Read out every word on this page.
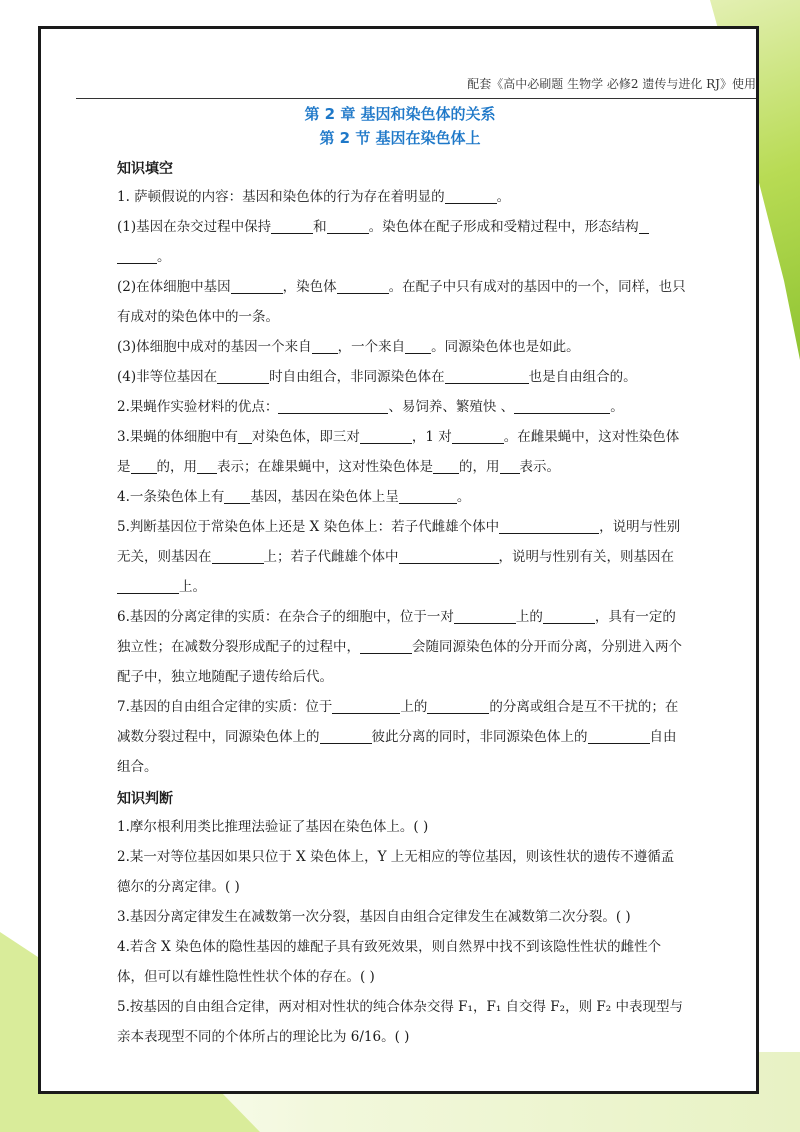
配套《高中必刷题 生物学 必修2 遗传与进化 RJ》使用

第 2 章 基因和染色体的关系

第 2 节 基因在染色体上

知识填空

1. 萨顿假说的内容：基因和染色体的行为存在着明显的	。

(1)基因在杂交过程中保持	和	。染色体在配子形成和受精过程中，形态结构
。

(2)在体细胞中基因	，染色体	。在配子中只有成对的基因中的一个，同样，也只有成对的染色体中的一条。

(3)体细胞中成对的基因一个来自 ，一个来自 。同源染色体也是如此。

(4)非等位基因在	时自由组合，非同源染色体在	也是自由组合的。

2.果蝇作实验材料的优点：	、易饲养、繁殖快 、	。

3.果蝇的体细胞中有 对染色体，即三对	，1 对	。在雌果蝇中，这对性染色体是 的，用 表示；在雄果蝇中，这对性染色体是 的，用 表示。

4.一条染色体上有 基因，基因在染色体上呈	。

5.判断基因位于常染色体上还是 X 染色体上：若子代雌雄个体中	，说明与性别无关，则基因在	上；若子代雌雄个体中	，说明与性别有关，则基因在上。

6.基因的分离定律的实质：在杂合子的细胞中，位于一对	上的	，具有一定的独立性；在减数分裂形成配子的过程中，	会随同源染色体的分开而分离，分别进入两个配子中，独立地随配子遗传给后代。

7.基因的自由组合定律的实质：位于	上的	的分离或组合是互不干扰的；在减数分裂过程中，同源染色体上的	彼此分离的同时，非同源染色体上的	自由组合。

知识判断

1.摩尔根利用类比推理法验证了基因在染色体上。( )

2.某一对等位基因如果只位于 X 染色体上，Y 上无相应的等位基因，则该性状的遗传不遵循孟德尔的分离定律。( )

3.基因分离定律发生在减数第一次分裂，基因自由组合定律发生在减数第二次分裂。( )

4.若含 X 染色体的隐性基因的雄配子具有致死效果，则自然界中找不到该隐性性状的雌性个体，但可以有雄性隐性性状个体的存在。( )

5.按基因的自由组合定律，两对相对性状的纯合体杂交得 F₁，F₁ 自交得 F₂，则 F₂ 中表现型与亲本表现型不同的个体所占的理论比为 6/16。( )
